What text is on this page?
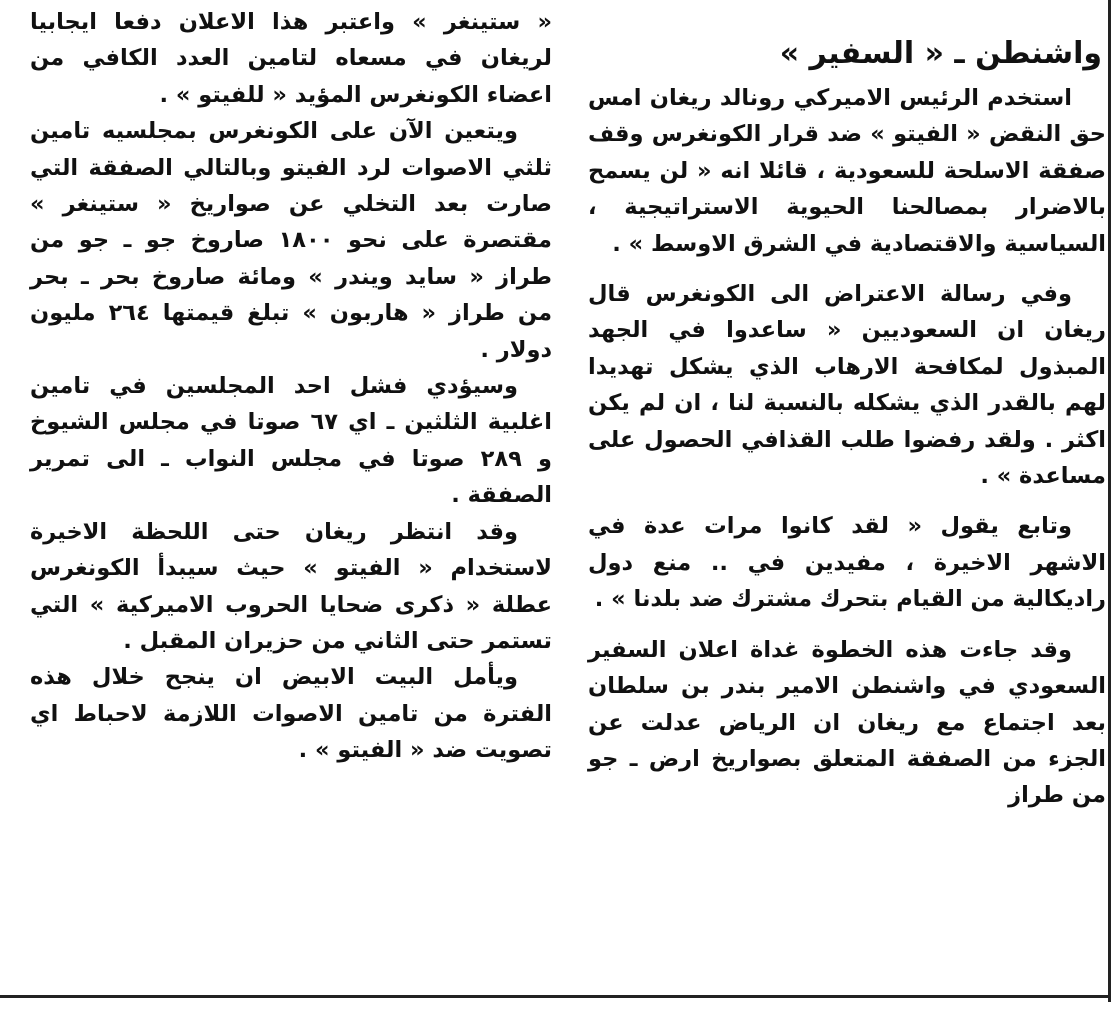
واشنطن ـ « السفير »

استخدم الرئيس الاميركي رونالد ريغان امس حق النقض « الفيتو » ضد قرار الكونغرس وقف صفقة الاسلحة للسعودية ، قائلا انه « لن يسمح بالاضرار بمصالحنا الحيوية الاستراتيجية ، السياسية والاقتصادية في الشرق الاوسط » .

وفي رسالة الاعتراض الى الكونغرس قال ريغان ان السعوديين « ساعدوا في الجهد المبذول لمكافحة الارهاب الذي يشكل تهديدا لهم بالقدر الذي يشكله بالنسبة لنا ، ان لم يكن اكثر . ولقد رفضوا طلب القذافي الحصول على مساعدة » .

وتابع يقول « لقد كانوا مرات عدة في الاشهر الاخيرة ، مفيدين في .. منع دول راديكالية من القيام بتحرك مشترك ضد بلدنا » .

وقد جاءت هذه الخطوة غداة اعلان السفير السعودي في واشنطن الامير بندر بن سلطان بعد اجتماع مع ريغان ان الرياض عدلت عن الجزء من الصفقة المتعلق بصواريخ ارض ـ جو من طراز

« ستينغر » واعتبر هذا الاعلان دفعا ايجابيا لريغان في مسعاه لتامين العدد الكافي من اعضاء الكونغرس المؤيد « للفيتو » .

ويتعين الآن على الكونغرس بمجلسيه تامين ثلثي الاصوات لرد الفيتو وبالتالي الصفقة التي صارت بعد التخلي عن صواريخ « ستينغر » مقتصرة على نحو ١٨٠٠ صاروخ جو ـ جو من طراز « سايد ويندر » ومائة صاروخ بحر ـ بحر من طراز « هاربون » تبلغ قيمتها ٢٦٤ مليون دولار .

وسيؤدي فشل احد المجلسين في تامين اغلبية الثلثين ـ اي ٦٧ صوتا في مجلس الشيوخ و ٢٨٩ صوتا في مجلس النواب ـ الى تمرير الصفقة .

وقد انتظر ريغان حتى اللحظة الاخيرة لاستخدام « الفيتو » حيث سيبدأ الكونغرس عطلة « ذكرى ضحايا الحروب الاميركية » التي تستمر حتى الثاني من حزيران المقبل .

ويأمل البيت الابيض ان ينجح خلال هذه الفترة من تامين الاصوات اللازمة لاحباط اي تصويت ضد « الفيتو » .
